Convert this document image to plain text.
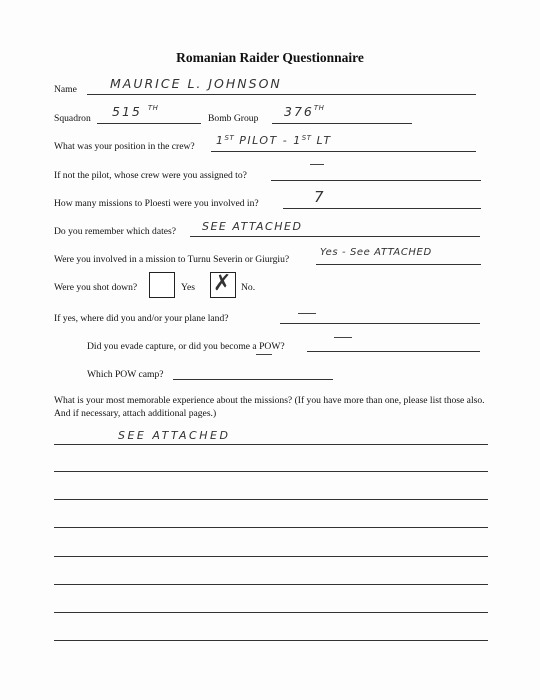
Romanian Raider Questionnaire
Name	MAURICE L. JOHNSON
Squadron 515 $^{TH}$
Bomb Group 376TH
What was your position in the crew? 1ST PILOT - 1ST LT
If not the pilot, whose crew were you assigned to?
How many missions to Ploesti were you involved in?	7
Do you remember which dates? SEE ATTACHED
Were you involved in a mission to Turnu Severin or Giurgiu?
Yes - See ATTACHED
Were you shot down?	Yes ✗ No.
If yes, where did you and/or your plane land?
Did you evade capture, or did you become a POW?
Which POW camp?
What is your most memorable experience about the missions? (If you have more than one, please list those also. And if necessary, attach additional pages.)
SEE ATTACHED
